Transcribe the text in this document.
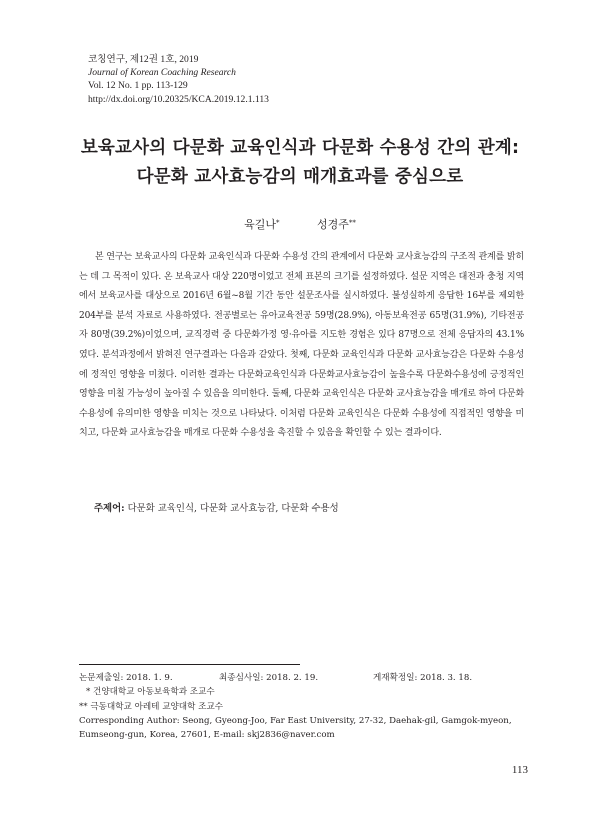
코칭연구, 제12권 1호, 2019
Journal of Korean Coaching Research
Vol. 12 No. 1 pp. 113-129
http://dx.doi.org/10.20325/KCA.2019.12.1.113
보육교사의 다문화 교육인식과 다문화 수용성 간의 관계:
다문화 교사효능감의 매개효과를 중심으로
육길나*	성경주**
본 연구는 보육교사의 다문화 교육인식과 다문화 수용성 간의 관계에서 다문화 교사효능감의 구조적 관계를 밝히는 데 그 목적이 있다. 온 보육교사 대상 220명이었고 전체 표본의 크기를 설정하였다. 설문 지역은 대전과 충청 지역에서 보육교사를 대상으로 2016년 6월~8월 기간 동안 설문조사를 실시하였다. 불성실하게 응답한 16부를 제외한 204부를 분석 자료로 사용하였다. 전공별로는 유아교육전공 59명(28.9%), 아동보육전공 65명(31.9%), 기타전공자 80명(39.2%)이었으며, 교직경력 중 다문화가정 영·유아를 지도한 경험은 있다 87명으로 전체 응답자의 43.1%였다. 분석과정에서 밝혀진 연구결과는 다음과 같았다. 첫째, 다문화 교육인식과 다문화 교사효능감은 다문화 수용성에 정적인 영향을 미쳤다. 이러한 결과는 다문화교육인식과 다문화교사효능감이 높을수록 다문화수용성에 긍정적인 영향을 미칠 가능성이 높아질 수 있음을 의미한다. 둘째, 다문화 교육인식은 다문화 교사효능감을 매개로 하여 다문화 수용성에 유의미한 영향을 미치는 것으로 나타났다. 이처럼 다문화 교육인식은 다문화 수용성에 직접적인 영향을 미치고, 다문화 교사효능감을 매개로 다문화 수용성을 촉진할 수 있음을 확인할 수 있는 결과이다.
주제어: 다문화 교육인식, 다문화 교사효능감, 다문화 수용성
논문제출일: 2018. 1. 9.	최종심사일: 2018. 2. 19.	게재확정일: 2018. 3. 18.
* 건양대학교 아동보육학과 조교수
** 극동대학교 아레테 교양대학 조교수
Corresponding Author: Seong, Gyeong-Joo, Far East University, 27-32, Daehak-gil, Gamgok-myeon,
Eumseong-gun, Korea, 27601, E-mail: skj2836@naver.com
113
